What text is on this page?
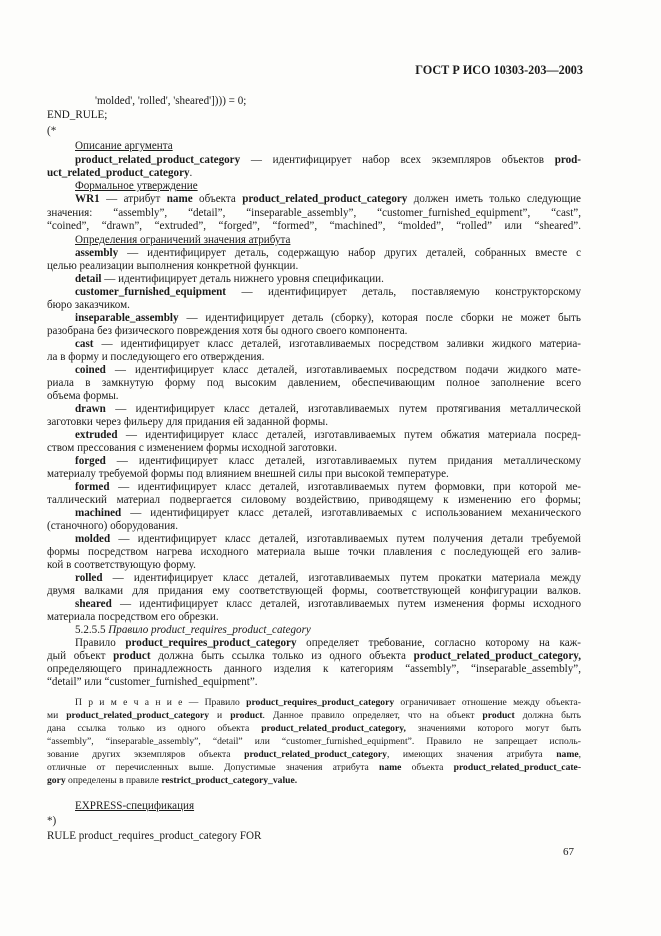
ГОСТ Р ИСО 10303-203—2003
'molded', 'rolled', 'sheared']))) = 0;
END_RULE;
(*
Описание аргумента
product_related_product_category — идентифицирует набор всех экземпляров объектов prod-
uct_related_product_category.
Формальное утверждение
WR1 — атрибут name объекта product_related_product_category должен иметь только следующие
значения: “assembly”, “detail”, “inseparable_assembly”, “customer_furnished_equipment”, “cast”,
“coined”, “drawn”, “extruded”, “forged”, “formed”, “machined”, “molded”, “rolled” или “sheared”.
Определения ограничений значения атрибута
assembly — идентифицирует деталь, содержащую набор других деталей, собранных вместе с
целью реализации выполнения конкретной функции.
detail — идентифицирует деталь нижнего уровня спецификации.
customer_furnished_equipment — идентифицирует деталь, поставляемую конструкторскому
бюро заказчиком.
inseparable_assembly — идентифицирует деталь (сборку), которая после сборки не может быть
разобрана без физического повреждения хотя бы одного своего компонента.
cast — идентифицирует класс деталей, изготавливаемых посредством заливки жидкого материа-
ла в форму и последующего его отверждения.
coined — идентифицирует класс деталей, изготавливаемых посредством подачи жидкого мате-
риала в замкнутую форму под высоким давлением, обеспечивающим полное заполнение всего
объема формы.
drawn — идентифицирует класс деталей, изготавливаемых путем протягивания металлической
заготовки через фильеру для придания ей заданной формы.
extruded — идентифицирует класс деталей, изготавливаемых путем обжатия материала посред-
ством прессования с изменением формы исходной заготовки.
forged — идентифицирует класс деталей, изготавливаемых путем придания металлическому
материалу требуемой формы под влиянием внешней силы при высокой температуре.
formed — идентифицирует класс деталей, изготавливаемых путем формовки, при которой ме-
таллический материал подвергается силовому воздействию, приводящему к изменению его формы;
machined — идентифицирует класс деталей, изготавливаемых с использованием механического
(станочного) оборудования.
molded — идентифицирует класс деталей, изготавливаемых путем получения детали требуемой
формы посредством нагрева исходного материала выше точки плавления с последующей его залив-
кой в соответствующую форму.
rolled — идентифицирует класс деталей, изготавливаемых путем прокатки материала между
двумя валками для придания ему соответствующей формы, соответствующей конфигурации валков.
sheared — идентифицирует класс деталей, изготавливаемых путем изменения формы исходного
материала посредством его обрезки.
5.2.5.5 Правило product_requires_product_category
Правило product_requires_product_category определяет требование, согласно которому на каж-
дый объект product должна быть ссылка только из одного объекта product_related_product_category,
определяющего принадлежность данного изделия к категориям “assembly”, “inseparable_assembly”,
“detail” или “customer_furnished_equipment”.
П р и м е ч а н и е — Правило product_requires_product_category ограничивает отношение между объекта-
ми product_related_product_category и product. Данное правило определяет, что на объект product должна быть
дана ссылка только из одного объекта product_related_product_category, значениями которого могут быть
“assembly”, “inseparable_assembly”, “detail” или “customer_furnished_equipment”. Правило не запрещает исполь-
зование других экземпляров объекта product_related_product_category, имеющих значения атрибута name,
отличные от перечисленных выше. Допустимые значения атрибута name объекта product_related_product_cate-
gory определены в правиле restrict_product_category_value.
EXPRESS-спецификация
*)
RULE product_requires_product_category FOR
67
